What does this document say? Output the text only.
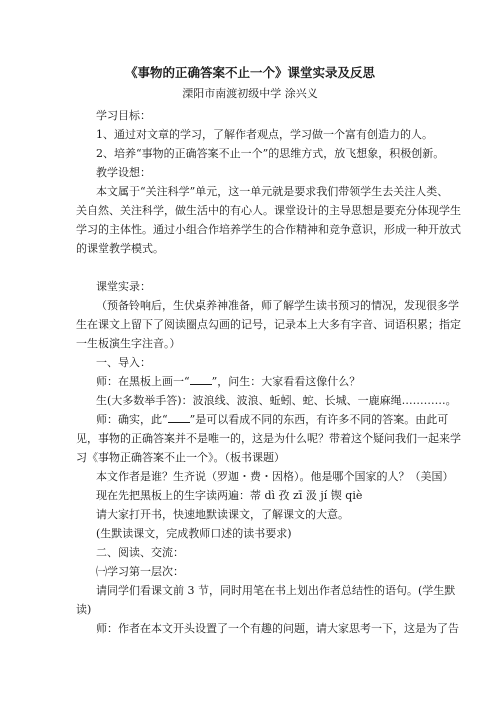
《事物的正确答案不止一个》课堂实录及反思
溧阳市南渡初级中学 涂兴义
学习目标：
1、通过对文章的学习，了解作者观点，学习做一个富有创造力的人。
2、培养“事物的正确答案不止一个”的思维方式，放飞想象，积极创新。
教学设想：
本文属于“关注科学”单元，这一单元就是要求我们带领学生去关注人类、
关自然、关注科学，做生活中的有心人。课堂设计的主导思想是要充分体现学生
学习的主体性。通过小组合作培养学生的合作精神和竞争意识，形成一种开放式
的课堂教学模式。
课堂实录：
（预备铃响后，生伏桌养神准备，师了解学生读书预习的情况，发现很多学
生在课文上留下了阅读圈点勾画的记号，记录本上大多有字音、词语积累；指定
一生板演生字注音。）
一、导入：
师：在黑板上画一“ ”，问生：大家看看这像什么？
生(大多数举手答)：波浪线、波浪、蚯蚓、蛇、长城、一鹿麻绳…………。
师：确实，此“ ”是可以看成不同的东西，有许多不同的答案。由此可
见，事物的正确答案并不是唯一的，这是为什么呢？带着这个疑问我们一起来学
习《事物正确答案不止一个》。（板书课题）
本文作者是谁？生齐说（罗迦・费・因格）。他是哪个国家的人？（美国）
现在先把黑板上的生字读两遍：蒂 dì 孜 zī 汲 jí 锲 qiè
请大家打开书，快速地默读课文，了解课文的大意。
(生默读课文，完成教师口述的读书要求)
二、阅读、交流：
㈠学习第一层次：
请同学们看课文前 3 节，同时用笔在书上划出作者总结性的语句。(学生默
读)
师：作者在本文开头设置了一个有趣的问题，请大家思考一下，这是为了告
